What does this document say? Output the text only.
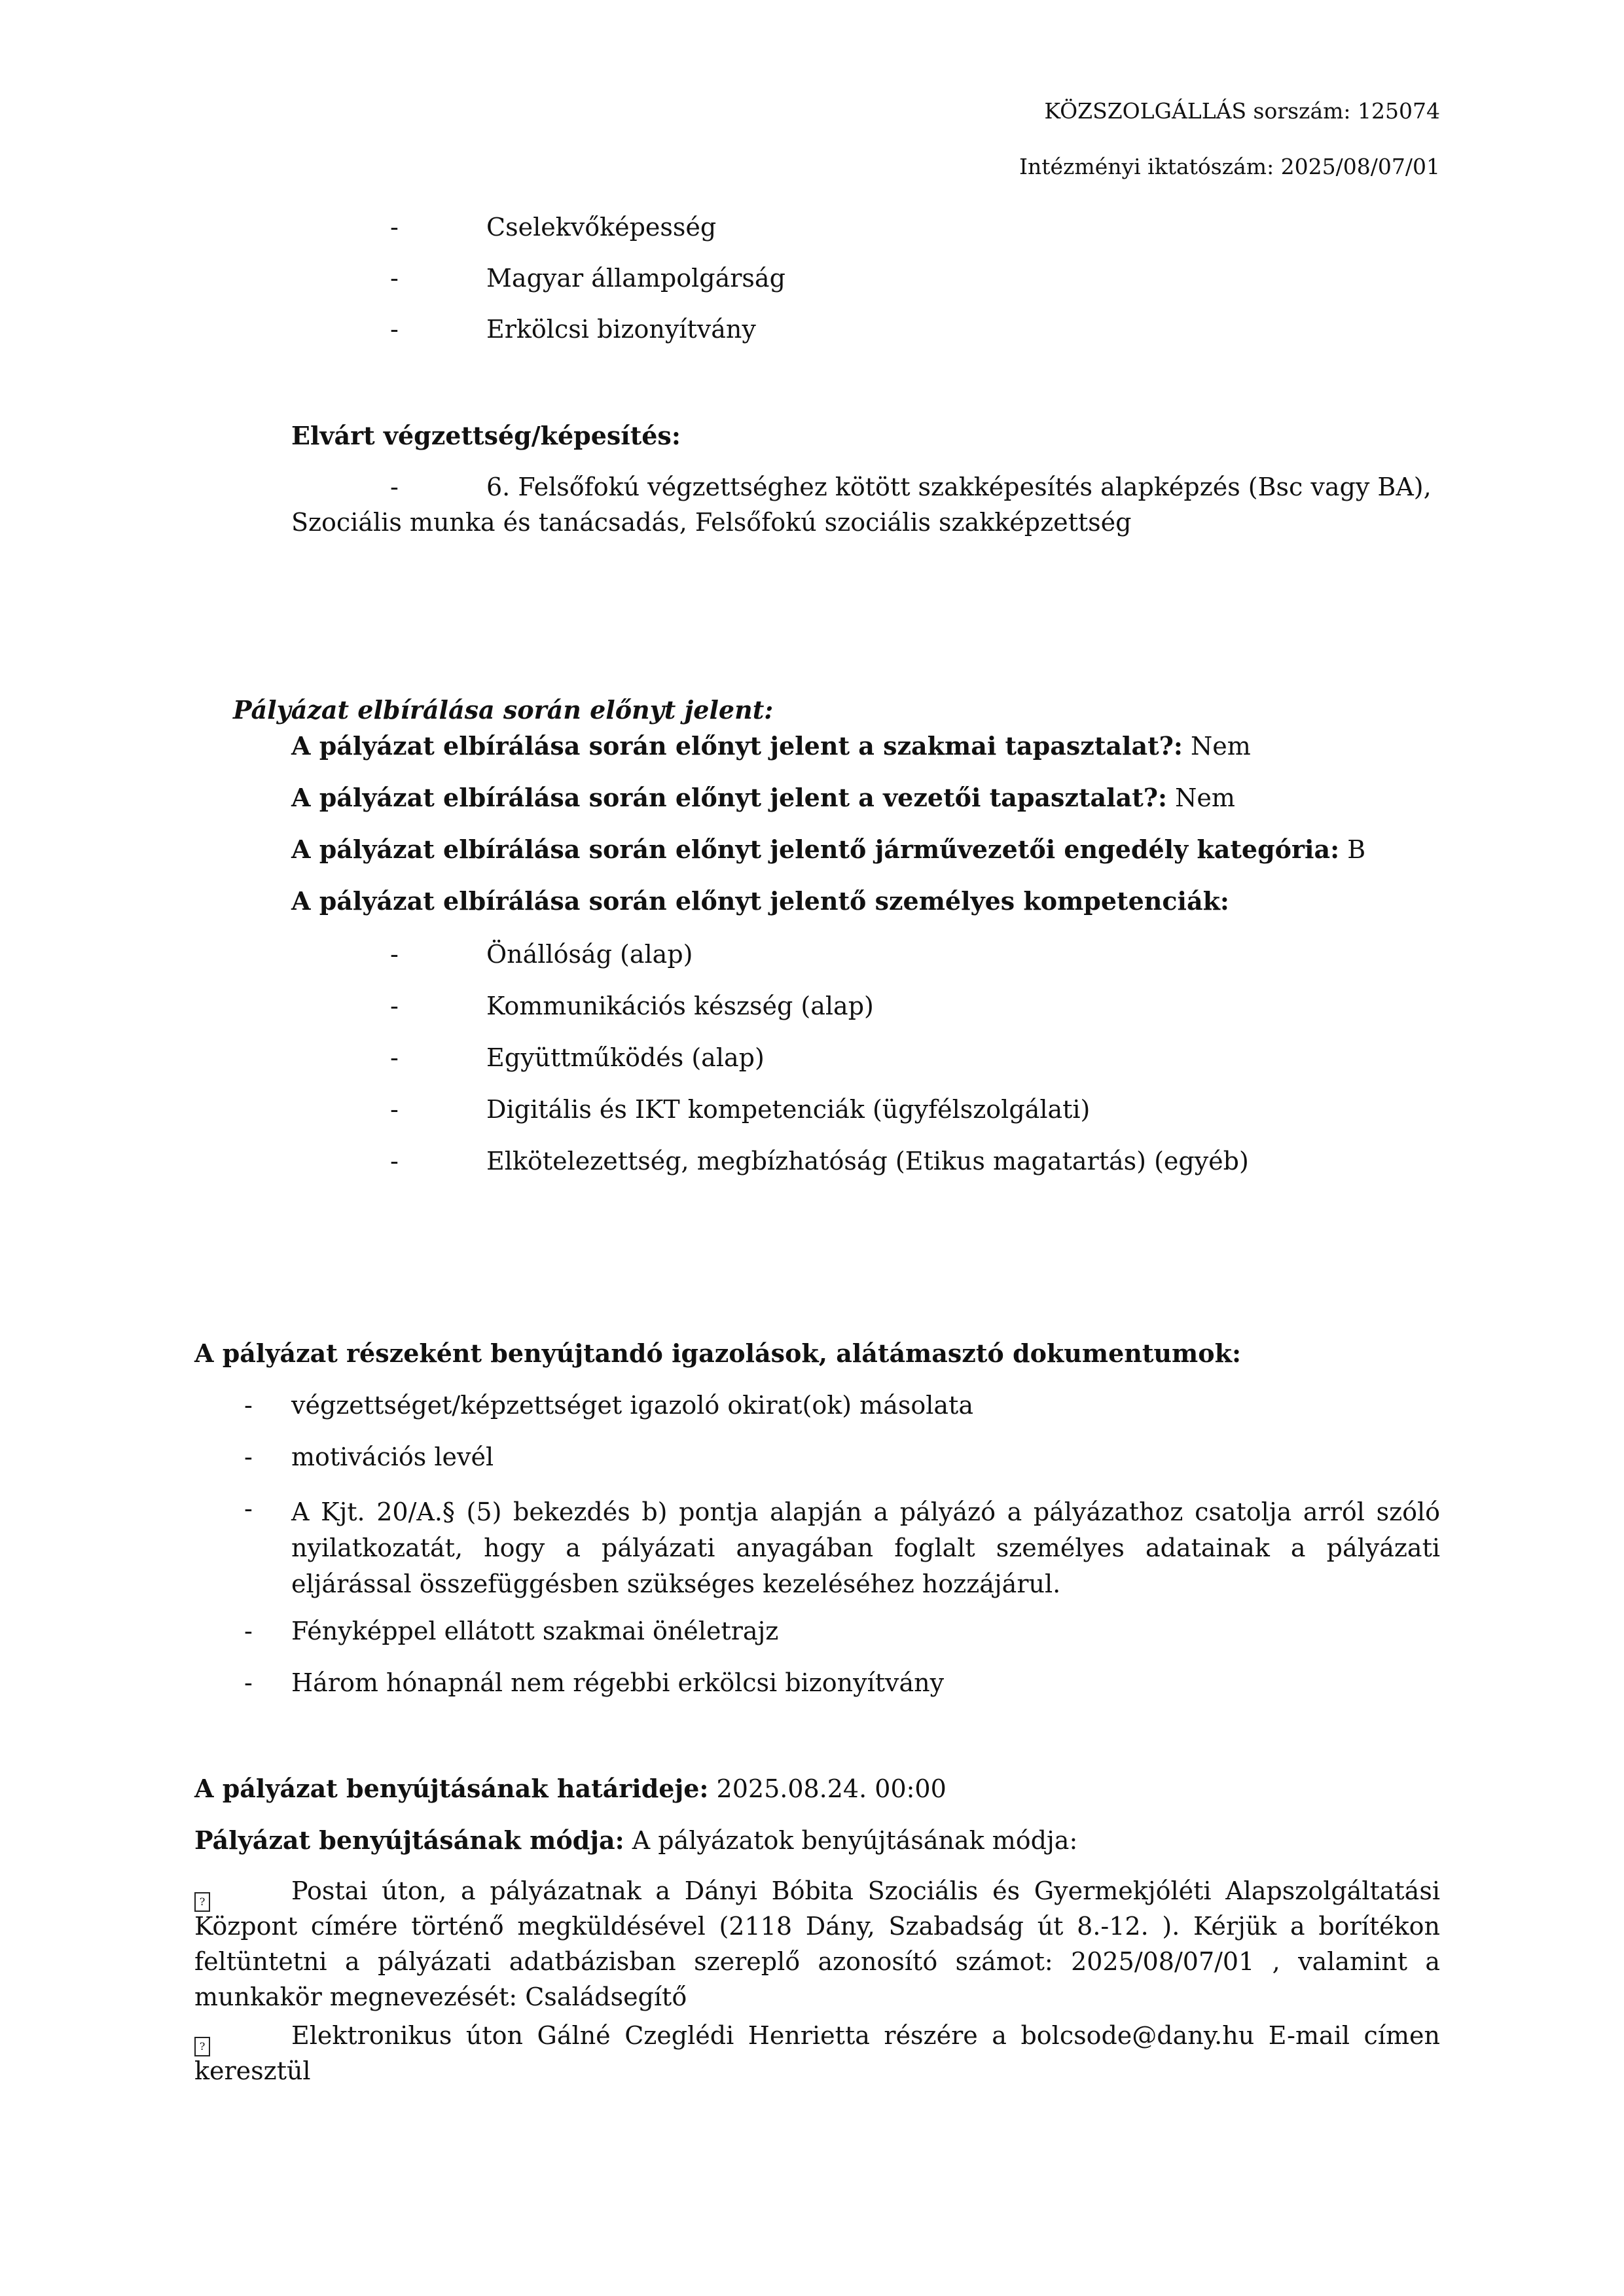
KÖZSZOLGÁLLÁS sorszám: 125074
Intézményi iktatószám: 2025/08/07/01
-	Cselekvőképesség
-	Magyar állampolgárság
-	Erkölcsi bizonyítvány
Elvárt végzettség/képesítés:
-	6. Felsőfokú végzettséghez kötött szakképesítés alapképzés (Bsc vagy BA),
Szociális munka és tanácsadás, Felsőfokú szociális szakképzettség
Pályázat elbírálása során előnyt jelent:
A pályázat elbírálása során előnyt jelent a szakmai tapasztalat?: Nem
A pályázat elbírálása során előnyt jelent a vezetői tapasztalat?: Nem
A pályázat elbírálása során előnyt jelentő járművezetői engedély kategória: B
A pályázat elbírálása során előnyt jelentő személyes kompetenciák:
-	Önállóság (alap)
-	Kommunikációs készség (alap)
-	Együttműködés (alap)
-	Digitális és IKT kompetenciák (ügyfélszolgálati)
-	Elkötelezettség, megbízhatóság (Etikus magatartás) (egyéb)
A pályázat részeként benyújtandó igazolások, alátámasztó dokumentumok:
- végzettséget/képzettséget igazoló okirat(ok) másolata
- motivációs levél
- A Kjt. 20/A.§ (5) bekezdés b) pontja alapján a pályázó a pályázathoz csatolja arról szóló nyilatkozatát, hogy a pályázati anyagában foglalt személyes adatainak a pályázati eljárással összefüggésben szükséges kezeléséhez hozzájárul.
- Fényképpel ellátott szakmai önéletrajz
- Három hónapnál nem régebbi erkölcsi bizonyítvány
A pályázat benyújtásának határideje: 2025.08.24. 00:00
Pályázat benyújtásának módja: A pályázatok benyújtásának módja:
?	Postai úton, a pályázatnak a Dányi Bóbita Szociális és Gyermekjóléti Alapszolgáltatási Központ címére történő megküldésével (2118 Dány, Szabadság út 8.-12. ). Kérjük a borítékon feltüntetni a pályázati adatbázisban szereplő azonosító számot: 2025/08/07/01 , valamint a munkakör megnevezését: Családsegítő
?	Elektronikus úton Gálné Czeglédi Henrietta részére a bolcsode@dany.hu E-mail címen keresztül
